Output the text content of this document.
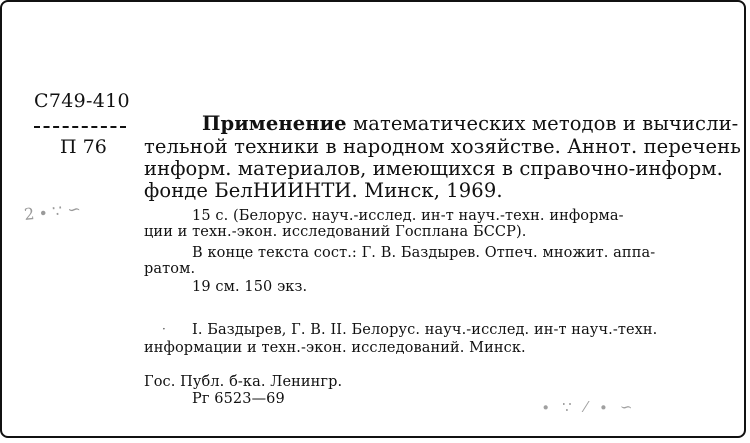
С749-410
П 76
2 ∙ ∵ ∽
Применение математических методов и вычисли-
тельной техники в народном хозяйстве. Аннот. перечень
информ. материалов, имеющихся в справочно-информ.
фонде БелНИИНТИ. Минск, 1969.
15 с. (Белорус. науч.-исслед. ин-т науч.-техн. информа-
ции и техн.-экон. исследований Госплана БССР).
В конце текста сост.: Г. В. Баздырев. Отпеч. множит. аппа-
ратом.
19 см. 150 экз.
· I. Баздырев, Г. В. II. Белорус. науч.-исслед. ин-т науч.-техн.
информации и техн.-экон. исследований. Минск.
Гос. Публ. б-ка. Ленингр.
Рг 6523—69	∙ ∵ ⁄ ∙ ∽
